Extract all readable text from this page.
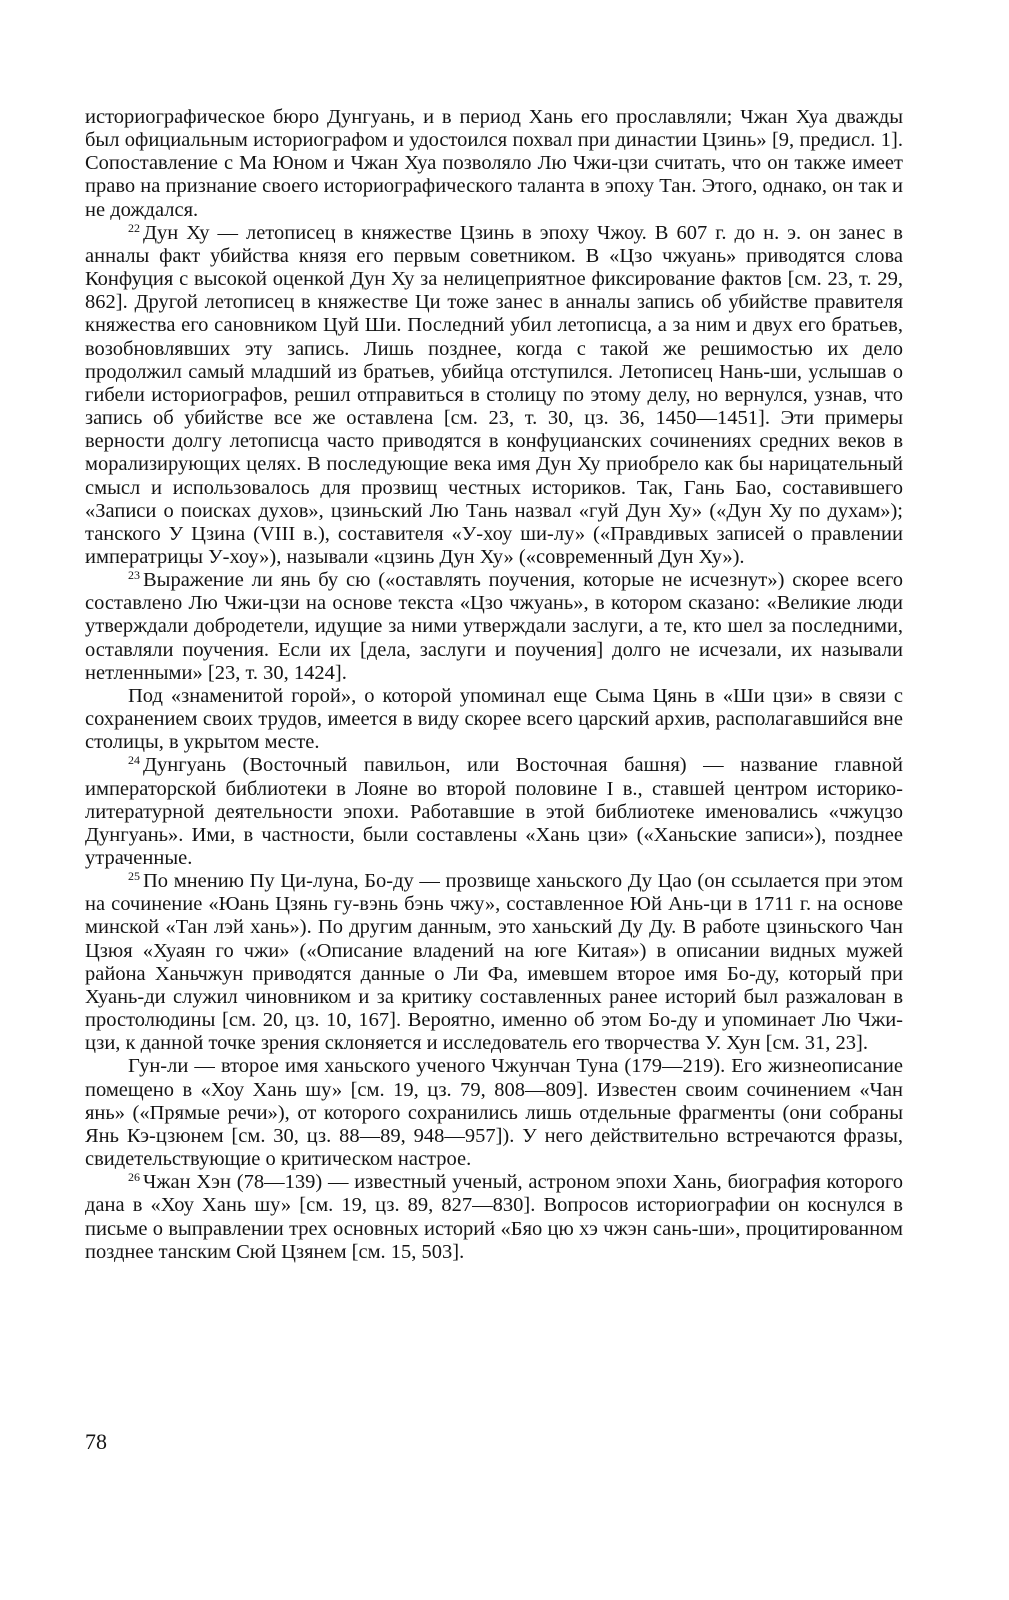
историографическое бюро Дунгуань, и в период Хань его прославляли; Чжан Хуа дважды был официальным историографом и удостоился похвал при династии Цзинь» [9, предисл. 1]. Сопоставление с Ма Юном и Чжан Хуа позволяло Лю Чжи-цзи считать, что он также имеет право на признание своего историографического таланта в эпоху Тан. Этого, однако, он так и не дождался.

$^{22}$ Дун Ху — летописец в княжестве Цзинь в эпоху Чжоу. В 607 г. до н. э. он занес в анналы факт убийства князя его первым советником. В «Цзо чжуань» приводятся слова Конфуция с высокой оценкой Дун Ху за нелицеприятное фиксирование фактов [см. 23, т. 29, 862]. Другой летописец в княжестве Ци тоже занес в анналы запись об убийстве правителя княжества его сановником Цуй Ши. Последний убил летописца, а за ним и двух его братьев, возобновлявших эту запись. Лишь позднее, когда с такой же решимостью их дело продолжил самый младший из братьев, убийца отступился. Летописец Нань-ши, услышав о гибели историографов, решил отправиться в столицу по этому делу, но вернулся, узнав, что запись об убийстве все же оставлена [см. 23, т. 30, цз. 36, 1450—1451]. Эти примеры верности долгу летописца часто приводятся в конфуцианских сочинениях средних веков в морализирующих целях. В последующие века имя Дун Ху приобрело как бы нарицательный смысл и использовалось для прозвищ честных историков. Так, Гань Бао, составившего «Записи о поисках духов», цзиньский Лю Тань назвал «гуй Дун Ху» («Дун Ху по духам»); танского У Цзина (VIII в.), составителя «У-хоу ши-лу» («Правдивых записей о правлении императрицы У-хоу»), называли «цзинь Дун Ху» («современный Дун Ху»).

$^{23}$ Выражение ли янь бу сю («оставлять поучения, которые не исчезнут») скорее всего составлено Лю Чжи-цзи на основе текста «Цзо чжуань», в котором сказано: «Великие люди утверждали добродетели, идущие за ними утверждали заслуги, а те, кто шел за последними, оставляли поучения. Если их [дела, заслуги и поучения] долго не исчезали, их называли нетленными» [23, т. 30, 1424].

Под «знаменитой горой», о которой упоминал еще Сыма Цянь в «Ши цзи» в связи с сохранением своих трудов, имеется в виду скорее всего царский архив, располагавшийся вне столицы, в укрытом месте.

$^{24}$ Дунгуань (Восточный павильон, или Восточная башня) — название главной императорской библиотеки в Лояне во второй половине I в., ставшей центром историко-литературной деятельности эпохи. Работавшие в этой библиотеке именовались «чжуцзо Дунгуань». Ими, в частности, были составлены «Хань цзи» («Ханьские записи»), позднее утраченные.

$^{25}$ По мнению Пу Ци-луна, Бо-ду — прозвище ханьского Ду Цао (он ссылается при этом на сочинение «Юань Цзянь гу-вэнь бэнь чжу», составленное Юй Ань-ци в 1711 г. на основе минской «Тан лэй хань»). По другим данным, это ханьский Ду Ду. В работе цзиньского Чан Цзюя «Хуаян го чжи» («Описание владений на юге Китая») в описании видных мужей района Ханьчжун приводятся данные о Ли Фа, имевшем второе имя Бо-ду, который при Хуань-ди служил чиновником и за критику составленных ранее историй был разжалован в простолюдины [см. 20, цз. 10, 167]. Вероятно, именно об этом Бо-ду и упоминает Лю Чжи-цзи, к данной точке зрения склоняется и исследователь его творчества У. Хун [см. 31, 23].

Гун-ли — второе имя ханьского ученого Чжунчан Туна (179—219). Его жизнеописание помещено в «Хоу Хань шу» [см. 19, цз. 79, 808—809]. Известен своим сочинением «Чан янь» («Прямые речи»), от которого сохранились лишь отдельные фрагменты (они собраны Янь Кэ-цзюнем [см. 30, цз. 88—89, 948—957]). У него действительно встречаются фразы, свидетельствующие о критическом настрое.

$^{26}$ Чжан Хэн (78—139) — известный ученый, астроном эпохи Хань, биография которого дана в «Хоу Хань шу» [см. 19, цз. 89, 827—830]. Вопросов историографии он коснулся в письме о выправлении трех основных историй «Бяо цю хэ чжэн сань-ши», процитированном позднее танским Сюй Цзянем [см. 15, 503].

78
